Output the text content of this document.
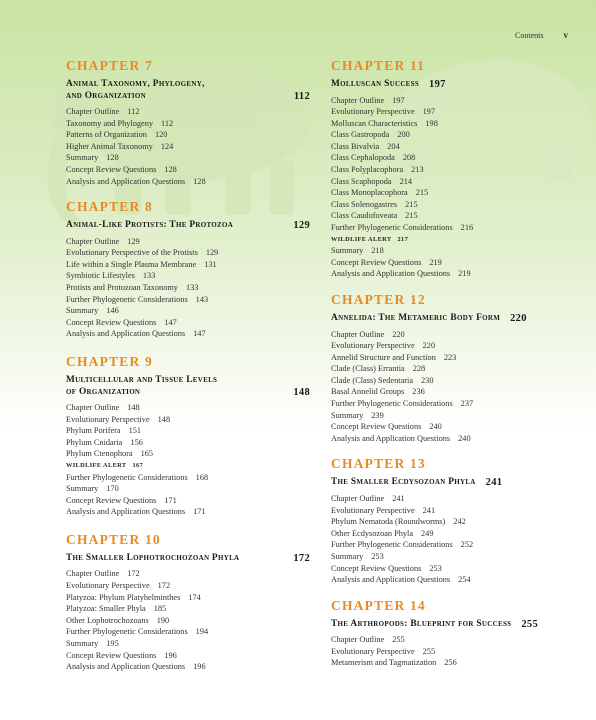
Contents v
CHAPTER 7
Animal Taxonomy, Phylogeny,
and Organization	112
Chapter Outline 112
Taxonomy and Phylogeny 112
Patterns of Organization 120
Higher Animal Taxonomy 124
Summary 128
Concept Review Questions 128
Analysis and Application Questions 128
CHAPTER 8
Animal-Like Protists: The Protozoa	129
Chapter Outline 129
Evolutionary Perspective of the Protists 129
Life within a Single Plasma Membrane 131
Symbiotic Lifestyles 133
Protists and Protozoan Taxonomy 133
Further Phylogenetic Considerations 143
Summary 146
Concept Review Questions 147
Analysis and Application Questions 147
CHAPTER 9
Multicellular and Tissue Levels
of Organization	148
Chapter Outline 148
Evolutionary Perspective 148
Phylum Porifera 151
Phylum Cnidaria 156
Phylum Ctenophora 165
WILDLIFE ALERT 167
Further Phylogenetic Considerations 168
Summary 170
Concept Review Questions 171
Analysis and Application Questions 171
CHAPTER 10
The Smaller Lophotrochozoan Phyla	172
Chapter Outline 172
Evolutionary Perspective 172
Platyzoa: Phylum Platyhelminthes 174
Platyzoa: Smaller Phyla 185
Other Lophotrochozoans 190
Further Phylogenetic Considerations 194
Summary 195
Concept Review Questions 196
Analysis and Application Questions 196
CHAPTER 11
Molluscan Success 197
Chapter Outline 197
Evolutionary Perspective 197
Molluscan Characteristics 198
Class Gastropoda 200
Class Bivalvia 204
Class Cephalopoda 208
Class Polyplacophora 213
Class Scaphopoda 214
Class Monoplacophora 215
Class Solenogastres 215
Class Caudofoveata 215
Further Phylogenetic Considerations 216
WILDLIFE ALERT 217
Summary 218
Concept Review Questions 219
Analysis and Application Questions 219
CHAPTER 12
Annelida: The Metameric Body Form 220
Chapter Outline 220
Evolutionary Perspective 220
Annelid Structure and Function 223
Clade (Class) Errantia 228
Clade (Class) Sedentaria 230
Basal Annelid Groups 236
Further Phylogenetic Considerations 237
Summary 239
Concept Review Questions 240
Analysis and Application Questions 240
CHAPTER 13
The Smaller Ecdysozoan Phyla 241
Chapter Outline 241
Evolutionary Perspective 241
Phylum Nematoda (Roundworms) 242
Other Ecdysozoan Phyla 249
Further Phylogenetic Considerations 252
Summary 253
Concept Review Questions 253
Analysis and Application Questions 254
CHAPTER 14
The Arthropods: Blueprint for Success 255
Chapter Outline 255
Evolutionary Perspective 255
Metamerism and Tagmatization 256
